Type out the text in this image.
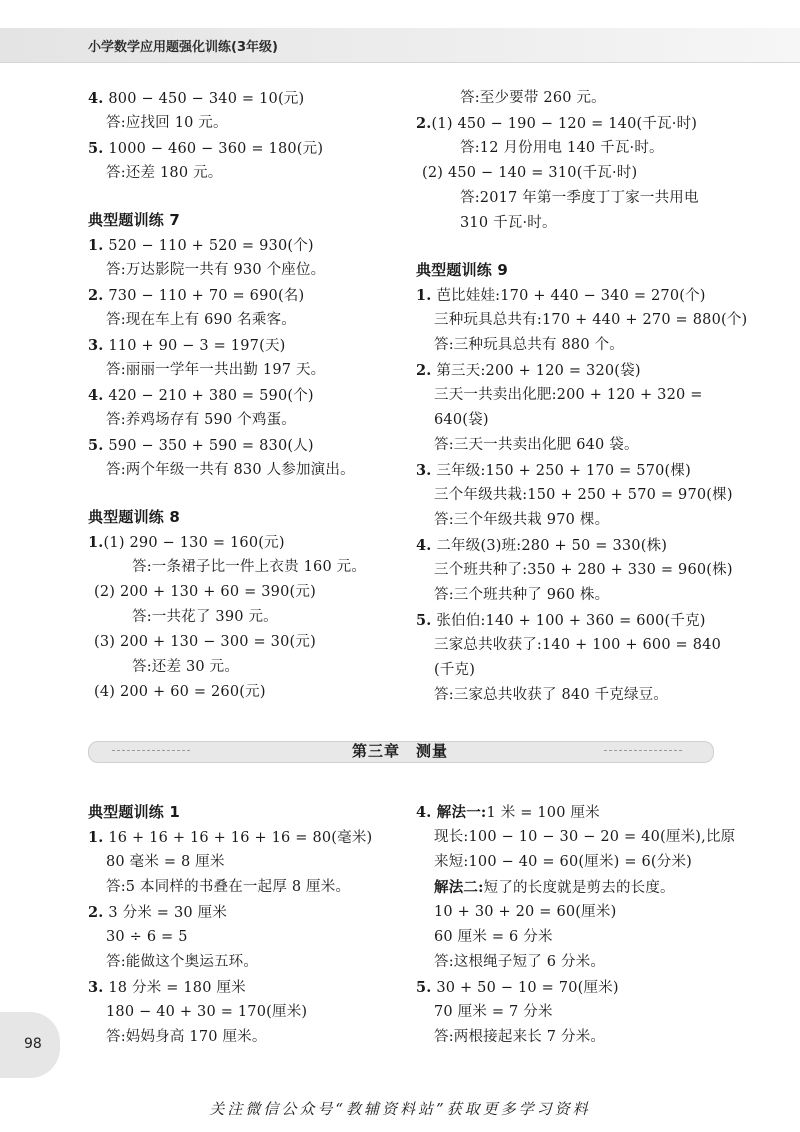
小学数学应用题强化训练(3年级)
4. 800 − 450 − 340 = 10(元)
答:应找回 10 元。
5. 1000 − 460 − 360 = 180(元)
答:还差 180 元。
典型题训练 7
1. 520 − 110 + 520 = 930(个)
答:万达影院一共有 930 个座位。
2. 730 − 110 + 70 = 690(名)
答:现在车上有 690 名乘客。
3. 110 + 90 − 3 = 197(天)
答:丽丽一学年一共出勤 197 天。
4. 420 − 210 + 380 = 590(个)
答:养鸡场存有 590 个鸡蛋。
5. 590 − 350 + 590 = 830(人)
答:两个年级一共有 830 人参加演出。
典型题训练 8
1.(1) 290 − 130 = 160(元)
答:一条裙子比一件上衣贵 160 元。
(2) 200 + 130 + 60 = 390(元)
答:一共花了 390 元。
(3) 200 + 130 − 300 = 30(元)
答:还差 30 元。
(4) 200 + 60 = 260(元)
答:至少要带 260 元。
2.(1) 450 − 190 − 120 = 140(千瓦·时)
答:12 月份用电 140 千瓦·时。
(2) 450 − 140 = 310(千瓦·时)
答:2017 年第一季度丁丁家一共用电
310 千瓦·时。
典型题训练 9
1. 芭比娃娃:170 + 440 − 340 = 270(个)
三种玩具总共有:170 + 440 + 270 = 880(个)
答:三种玩具总共有 880 个。
2. 第三天:200 + 120 = 320(袋)
三天一共卖出化肥:200 + 120 + 320 =
640(袋)
答:三天一共卖出化肥 640 袋。
3. 三年级:150 + 250 + 170 = 570(棵)
三个年级共栽:150 + 250 + 570 = 970(棵)
答:三个年级共栽 970 棵。
4. 二年级(3)班:280 + 50 = 330(株)
三个班共种了:350 + 280 + 330 = 960(株)
答:三个班共种了 960 株。
5. 张伯伯:140 + 100 + 360 = 600(千克)
三家总共收获了:140 + 100 + 600 = 840
(千克)
答:三家总共收获了 840 千克绿豆。
第三章　测量
典型题训练 1
1. 16 + 16 + 16 + 16 + 16 = 80(毫米)
80 毫米 = 8 厘米
答:5 本同样的书叠在一起厚 8 厘米。
2. 3 分米 = 30 厘米
30 ÷ 6 = 5
答:能做这个奥运五环。
3. 18 分米 = 180 厘米
180 − 40 + 30 = 170(厘米)
答:妈妈身高 170 厘米。
4. 解法一:1 米 = 100 厘米
现长:100 − 10 − 30 − 20 = 40(厘米),比原
来短:100 − 40 = 60(厘米) = 6(分米)
解法二:短了的长度就是剪去的长度。
10 + 30 + 20 = 60(厘米)
60 厘米 = 6 分米
答:这根绳子短了 6 分米。
5. 30 + 50 − 10 = 70(厘米)
70 厘米 = 7 分米
答:两根接起来长 7 分米。
98
关注微信公众号“教辅资料站”获取更多学习资料
